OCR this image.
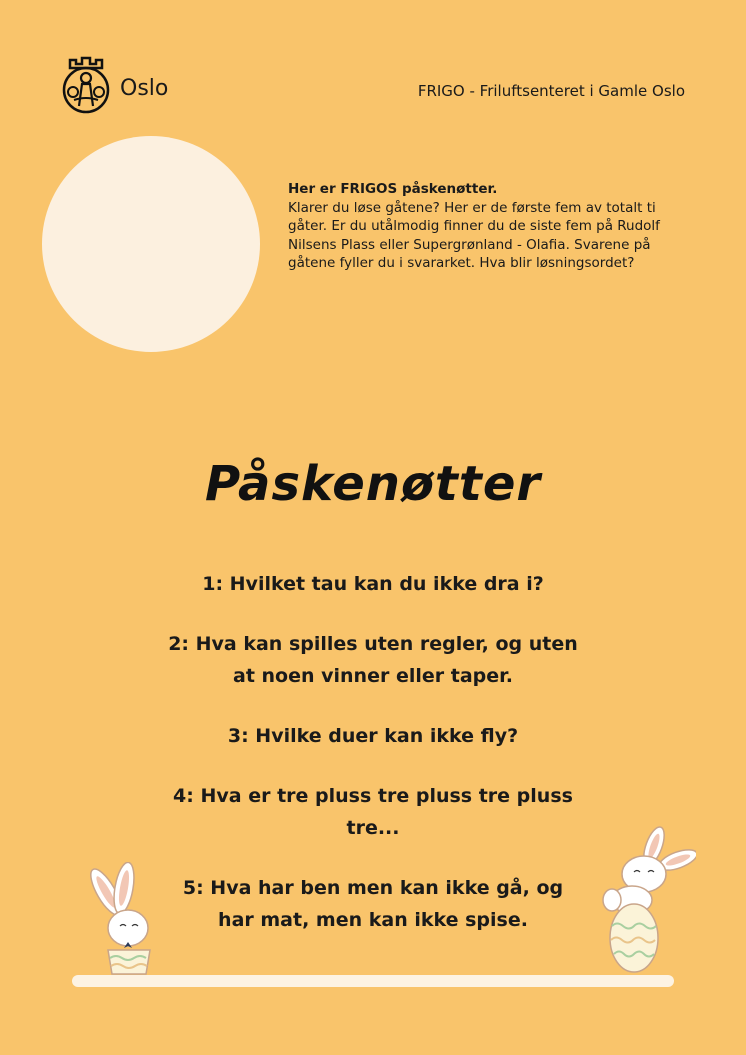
Oslo	FRIGO - Friluftsenteret i Gamle Oslo
Her er FRIGOS påskenøtter.
Klarer du løse gåtene? Her er de første fem av totalt ti gåter. Er du utålmodig finner du de siste fem på Rudolf Nilsens Plass eller Supergrønland - Olafia. Svarene på gåtene fyller du i svararket. Hva blir løsningsordet?
Påskenøtter
1: Hvilket tau kan du ikke dra i?
2: Hva kan spilles uten regler, og uten at noen vinner eller taper.
3: Hvilke duer kan ikke fly?
4: Hva er tre pluss tre pluss tre pluss tre...
5: Hva har ben men kan ikke gå, og har mat, men kan ikke spise.
